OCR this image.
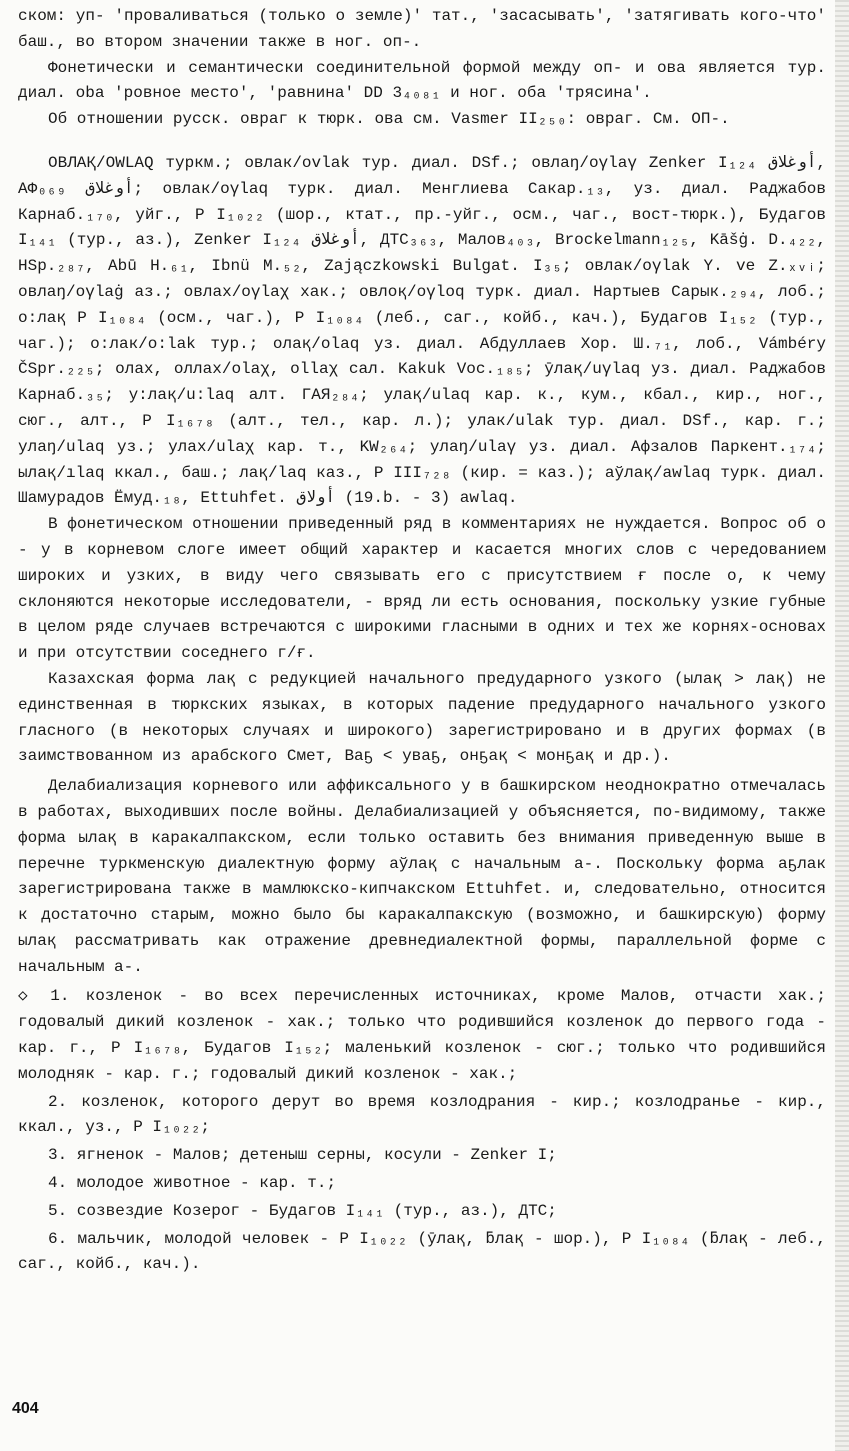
ском: уп- 'проваливаться (только о земле)' тат., 'засасывать', 'затягивать кого-что' баш., во втором значении также в ног. оп-.

Фонетически и семантически соединительной формой между оп- и ова является тур. диал. oba 'ровное место', 'равнина' DD 3₄₀₈₁ и ног. оба 'трясина'.

Об отношении русск. овраг к тюрк. ова см. Vasmer II₂₅₀: овраг. См. ОП-.

ОВЛАҚ/OWLAQ туркм.; овлак/ovlak тур. диал. DSf.; овлаŋ/oγlaγ Zenker I₁₂₄ أوغلاق, АФ₀₆₉ أوغلاق; овлак/oγlaq турк. диал. Менглиева Сакар.₁₃, уз. диал. Раджабов Карнаб.₁₇₀, уйг., Р I₁₀₂₂ (шор., ктат., пр.-уйг., осм., чаг., вост-тюрк.), Будагов I₁₄₁ (тур., аз.), Zenker I₁₂₄ أوغلاق, ДТС₃₆₃, Малов₄₀₃, Brockelmann₁₂₅, Kāšġ. D.₄₂₂, HSp.₂₈₇, Abū H.₆₁, Ibnü M.₅₂, Zajączkowski Bulgat. I₃₅; овлак/oγlak Y. ve Z.ₓᵥᵢ; овлаŋ/oγlaġ аз.; овлах/oγlaχ хак.; овлоқ/oγloq турк. диал. Нартыев Сарык.₂₉₄, лоб.; о:лақ Р I₁₀₈₄ (осм., чаг.), Р I₁₀₈₄ (леб., саг., койб., кач.), Будагов I₁₅₂ (тур., чаг.); о:лак/o:lak тур.; олақ/olaq уз. диал. Абдуллаев Хор. Ш.₇₁, лоб., Vámbéry ČSpr.₂₂₅; олах, оллах/olaχ, ollaχ сал. Kakuk Voc.₁₈₅; ӯлақ/uγlaq уз. диал. Раджабов Карнаб.₃₅; у:лақ/u:laq алт. ГАЯ₂₈₄; улақ/ulaq кар. к., кум., кбал., кир., ног., сюг., алт., Р I₁₆₇₈ (алт., тел., кар. л.); улак/ulak тур. диал. DSf., кар. г.; улаŋ/ulaq уз.; улах/ulaχ кар. т., KW₂₆₄; улаŋ/ulaγ уз. диал. Афзалов Паркент.₁₇₄; ылақ/ılaq ккал., баш.; лақ/laq каз., Р III₇₂₈ (кир. = каз.); аўлақ/awlaq турк. диал. Шамурадов Ёмуд.₁₈, Ettuhfet. أولاق (19.b. - 3) awlaq.

В фонетическом отношении приведенный ряд в комментариях не нуждается. Вопрос об о - у в корневом слоге имеет общий характер и касается многих слов с чередованием широких и узких, в виду чего связывать его с присутствием ғ после о, к чему склоняются некоторые исследователи, - вряд ли есть основания, поскольку узкие губные в целом ряде случаев встречаются с широкими гласными в одних и тех же корнях-основах и при отсутствии соседнего г/ғ.

Казахская форма лақ с редукцией начального предударного узкого (ылақ > лақ) не единственная в тюркских языках, в которых падение предударного начального узкого гласного (в некоторых случаях и широкого) зарегистрировано и в других формах (в заимствованном из арабского Смет, Ваҕ < уваҕ, онҕақ < монҕақ и др.).

Делабиализация корневого или аффиксального у в башкирском неоднократно отмечалась в работах, выходивших после войны. Делабиализацией у объясняется, по-видимому, также форма ылақ в каракалпакском, если только оставить без внимания приведенную выше в перечне туркменскую диалектную форму аўлақ с начальным а-. Поскольку форма аҕлак зарегистрирована также в мамлюкско-кипчакском Ettuhfet. и, следовательно, относится к достаточно старым, можно было бы каракалпакскую (возможно, и башкирскую) форму ылақ рассматривать как отражение древнедиалектной формы, параллельной форме с начальным а-.

◇ 1. козленок - во всех перечисленных источниках, кроме Малов, отчасти хак.; годовалый дикий козленок - хак.; только что родившийся козленок до первого года - кар. г., Р I₁₆₇₈, Будагов I₁₅₂; маленький козленок - сюг.; только что родившийся молодняк - кар. г.; годовалый дикий козленок - хак.;

2. козленок, которого дерут во время козлодрания - кир.; козлодранье - кир., ккал., уз., Р I₁₀₂₂;

3. ягненок - Малов; детеныш серны, косули - Zenker I;

4. молодое животное - кар. т.;

5. созвездие Козерог - Будагов I₁₄₁ (тур., аз.), ДТС;

6. мальчик, молодой человек - Р I₁₀₂₂ (ӯлақ, ƃлақ - шор.), Р I₁₀₈₄ (ƃлақ - леб., саг., койб., кач.).

404
